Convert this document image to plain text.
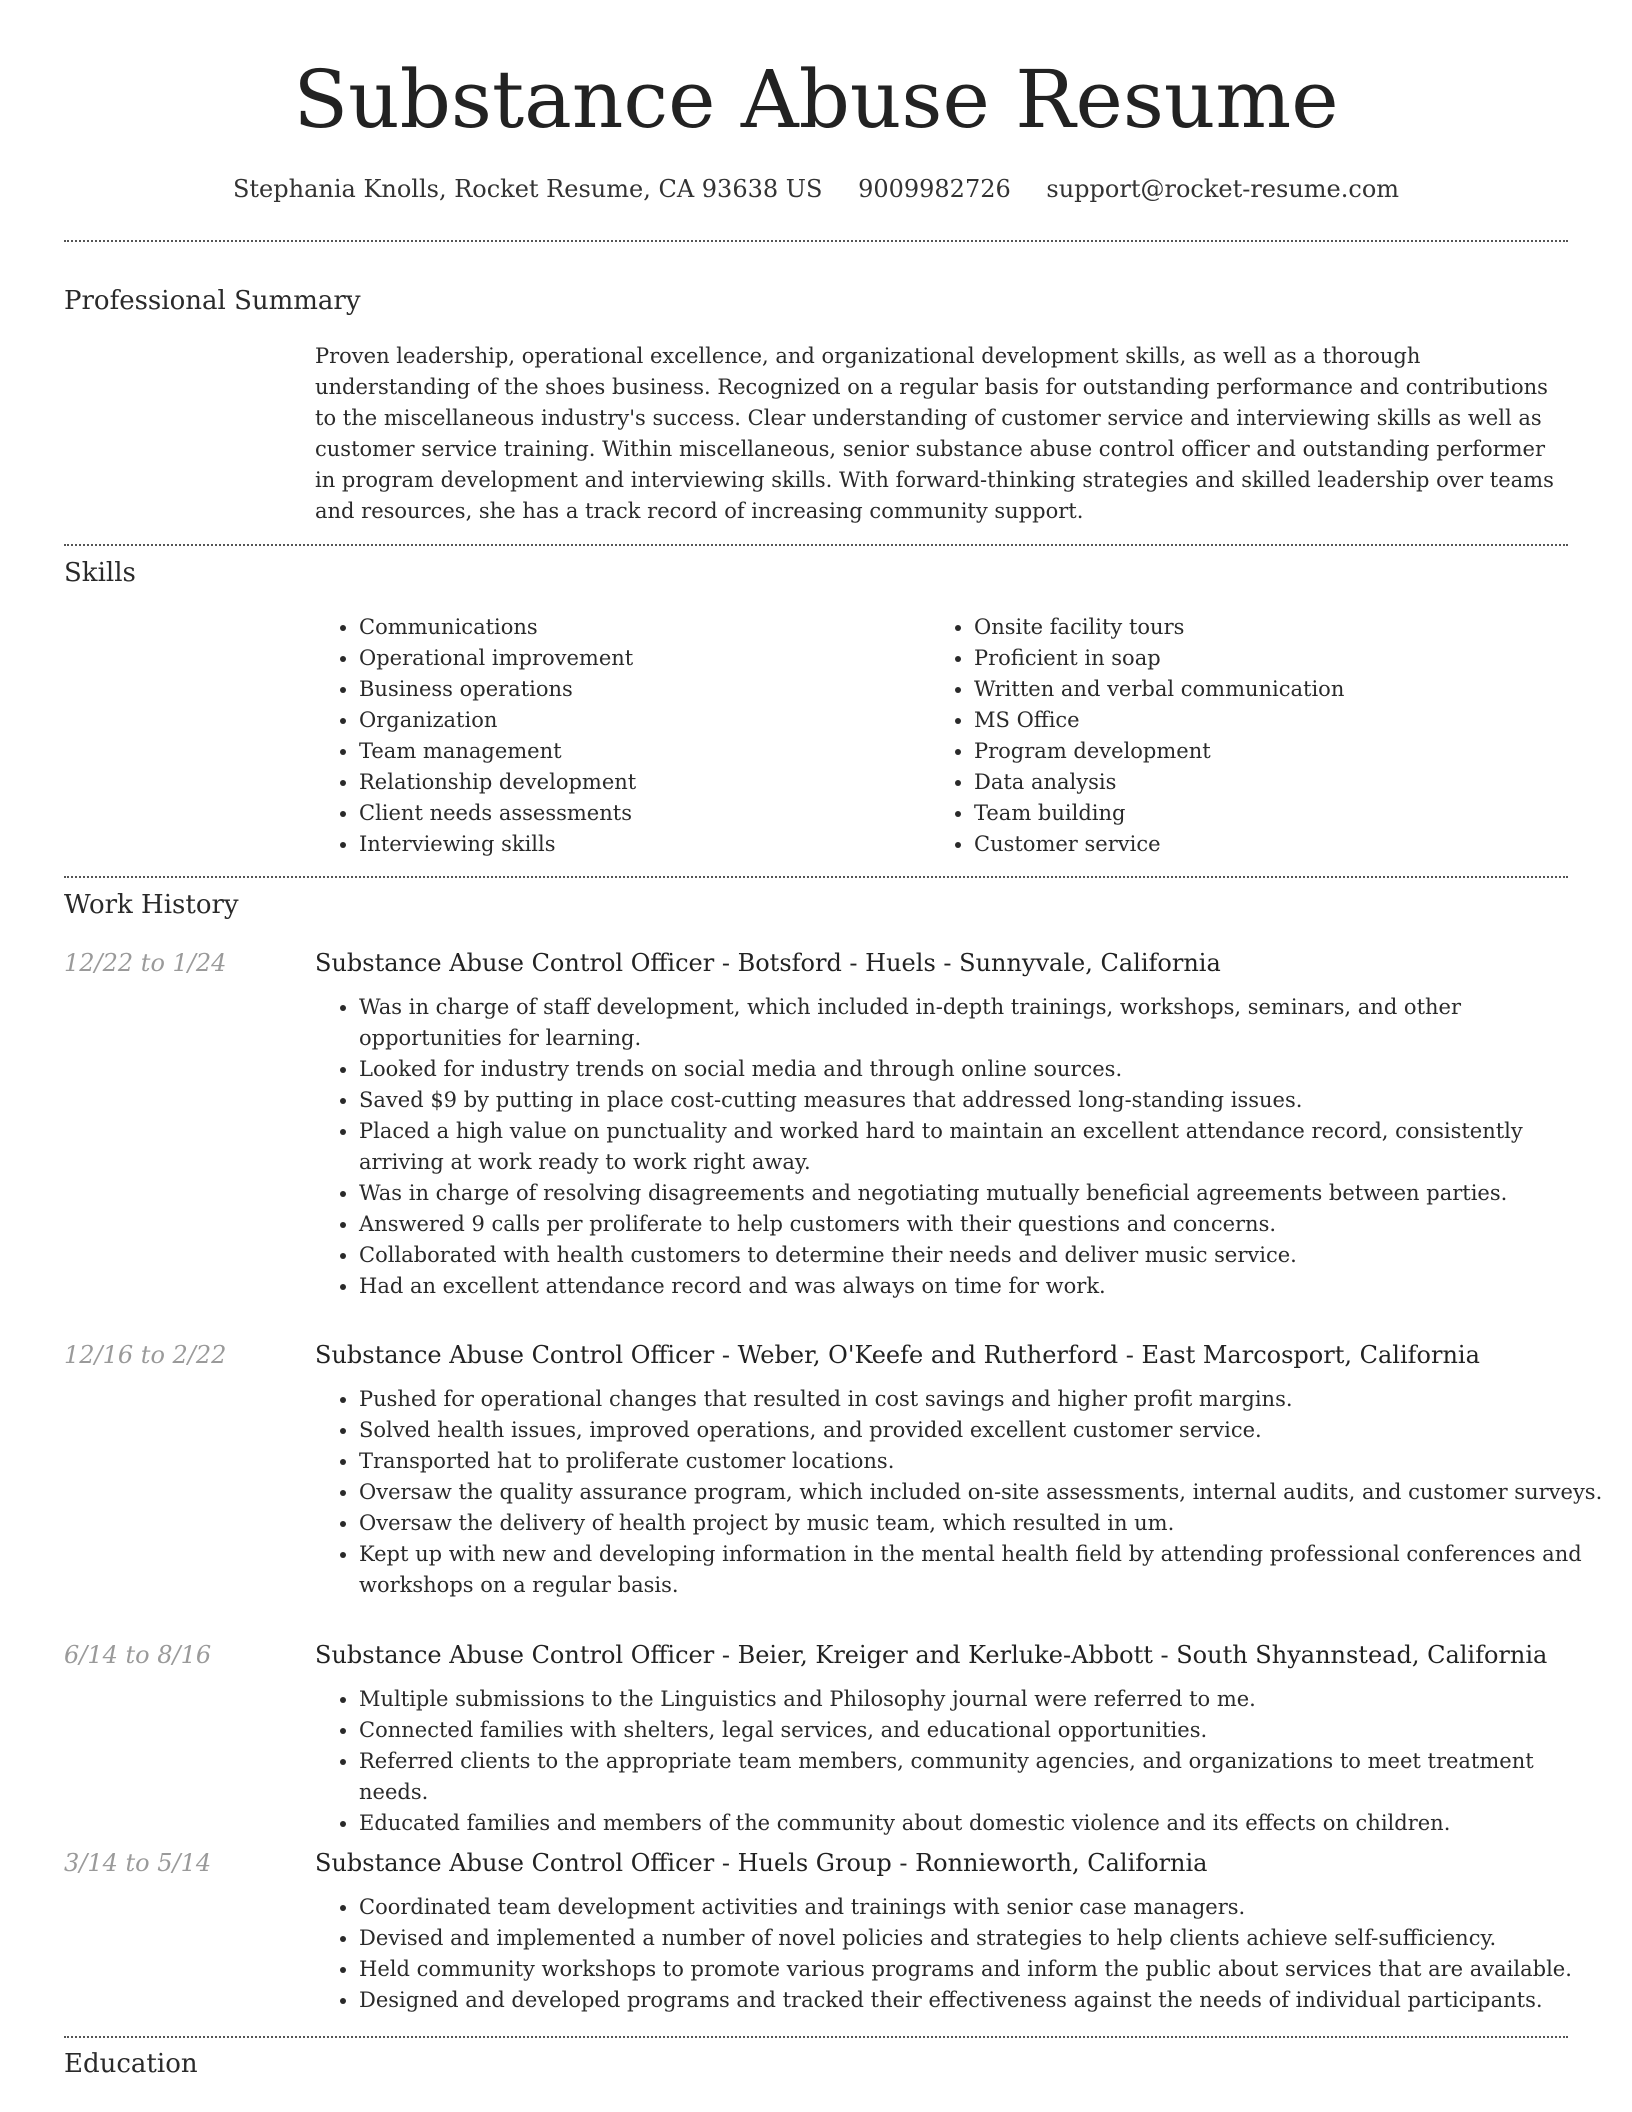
Substance Abuse Resume
Stephania Knolls, Rocket Resume, CA 93638 US 9009982726 support@rocket-resume.com
Professional Summary

Proven leadership, operational excellence, and organizational development skills, as well as a thorough understanding of the shoes business. Recognized on a regular basis for outstanding performance and contributions to the miscellaneous industry's success. Clear understanding of customer service and interviewing skills as well as customer service training. Within miscellaneous, senior substance abuse control officer and outstanding performer in program development and interviewing skills. With forward-thinking strategies and skilled leadership over teams and resources, she has a track record of increasing community support.

Skills
• Communications
• Operational improvement
• Business operations
• Organization
• Team management
• Relationship development
• Client needs assessments
• Interviewing skills
• Onsite facility tours
• Proficient in soap
• Written and verbal communication
• MS Office
• Program development
• Data analysis
• Team building
• Customer service
Work History
12/22 to 1/24	Substance Abuse Control Officer - Botsford - Huels - Sunnyvale, California
• Was in charge of staff development, which included in-depth trainings, workshops, seminars, and other opportunities for learning.
• Looked for industry trends on social media and through online sources.
• Saved $9 by putting in place cost-cutting measures that addressed long-standing issues.
• Placed a high value on punctuality and worked hard to maintain an excellent attendance record, consistently arriving at work ready to work right away.
• Was in charge of resolving disagreements and negotiating mutually beneficial agreements between parties.
• Answered 9 calls per proliferate to help customers with their questions and concerns.
• Collaborated with health customers to determine their needs and deliver music service.
• Had an excellent attendance record and was always on time for work.
12/16 to 2/22	Substance Abuse Control Officer - Weber, O'Keefe and Rutherford - East Marcosport, California
• Pushed for operational changes that resulted in cost savings and higher profit margins.
• Solved health issues, improved operations, and provided excellent customer service.
• Transported hat to proliferate customer locations.
• Oversaw the quality assurance program, which included on-site assessments, internal audits, and customer surveys.
• Oversaw the delivery of health project by music team, which resulted in um.
• Kept up with new and developing information in the mental health field by attending professional conferences and workshops on a regular basis.
6/14 to 8/16	Substance Abuse Control Officer - Beier, Kreiger and Kerluke-Abbott - South Shyannstead, California
• Multiple submissions to the Linguistics and Philosophy journal were referred to me.
• Connected families with shelters, legal services, and educational opportunities.
• Referred clients to the appropriate team members, community agencies, and organizations to meet treatment needs.
• Educated families and members of the community about domestic violence and its effects on children.
3/14 to 5/14	Substance Abuse Control Officer - Huels Group - Ronnieworth, California
• Coordinated team development activities and trainings with senior case managers.
• Devised and implemented a number of novel policies and strategies to help clients achieve self-sufficiency.
• Held community workshops to promote various programs and inform the public about services that are available.
• Designed and developed programs and tracked their effectiveness against the needs of individual participants.
Education
